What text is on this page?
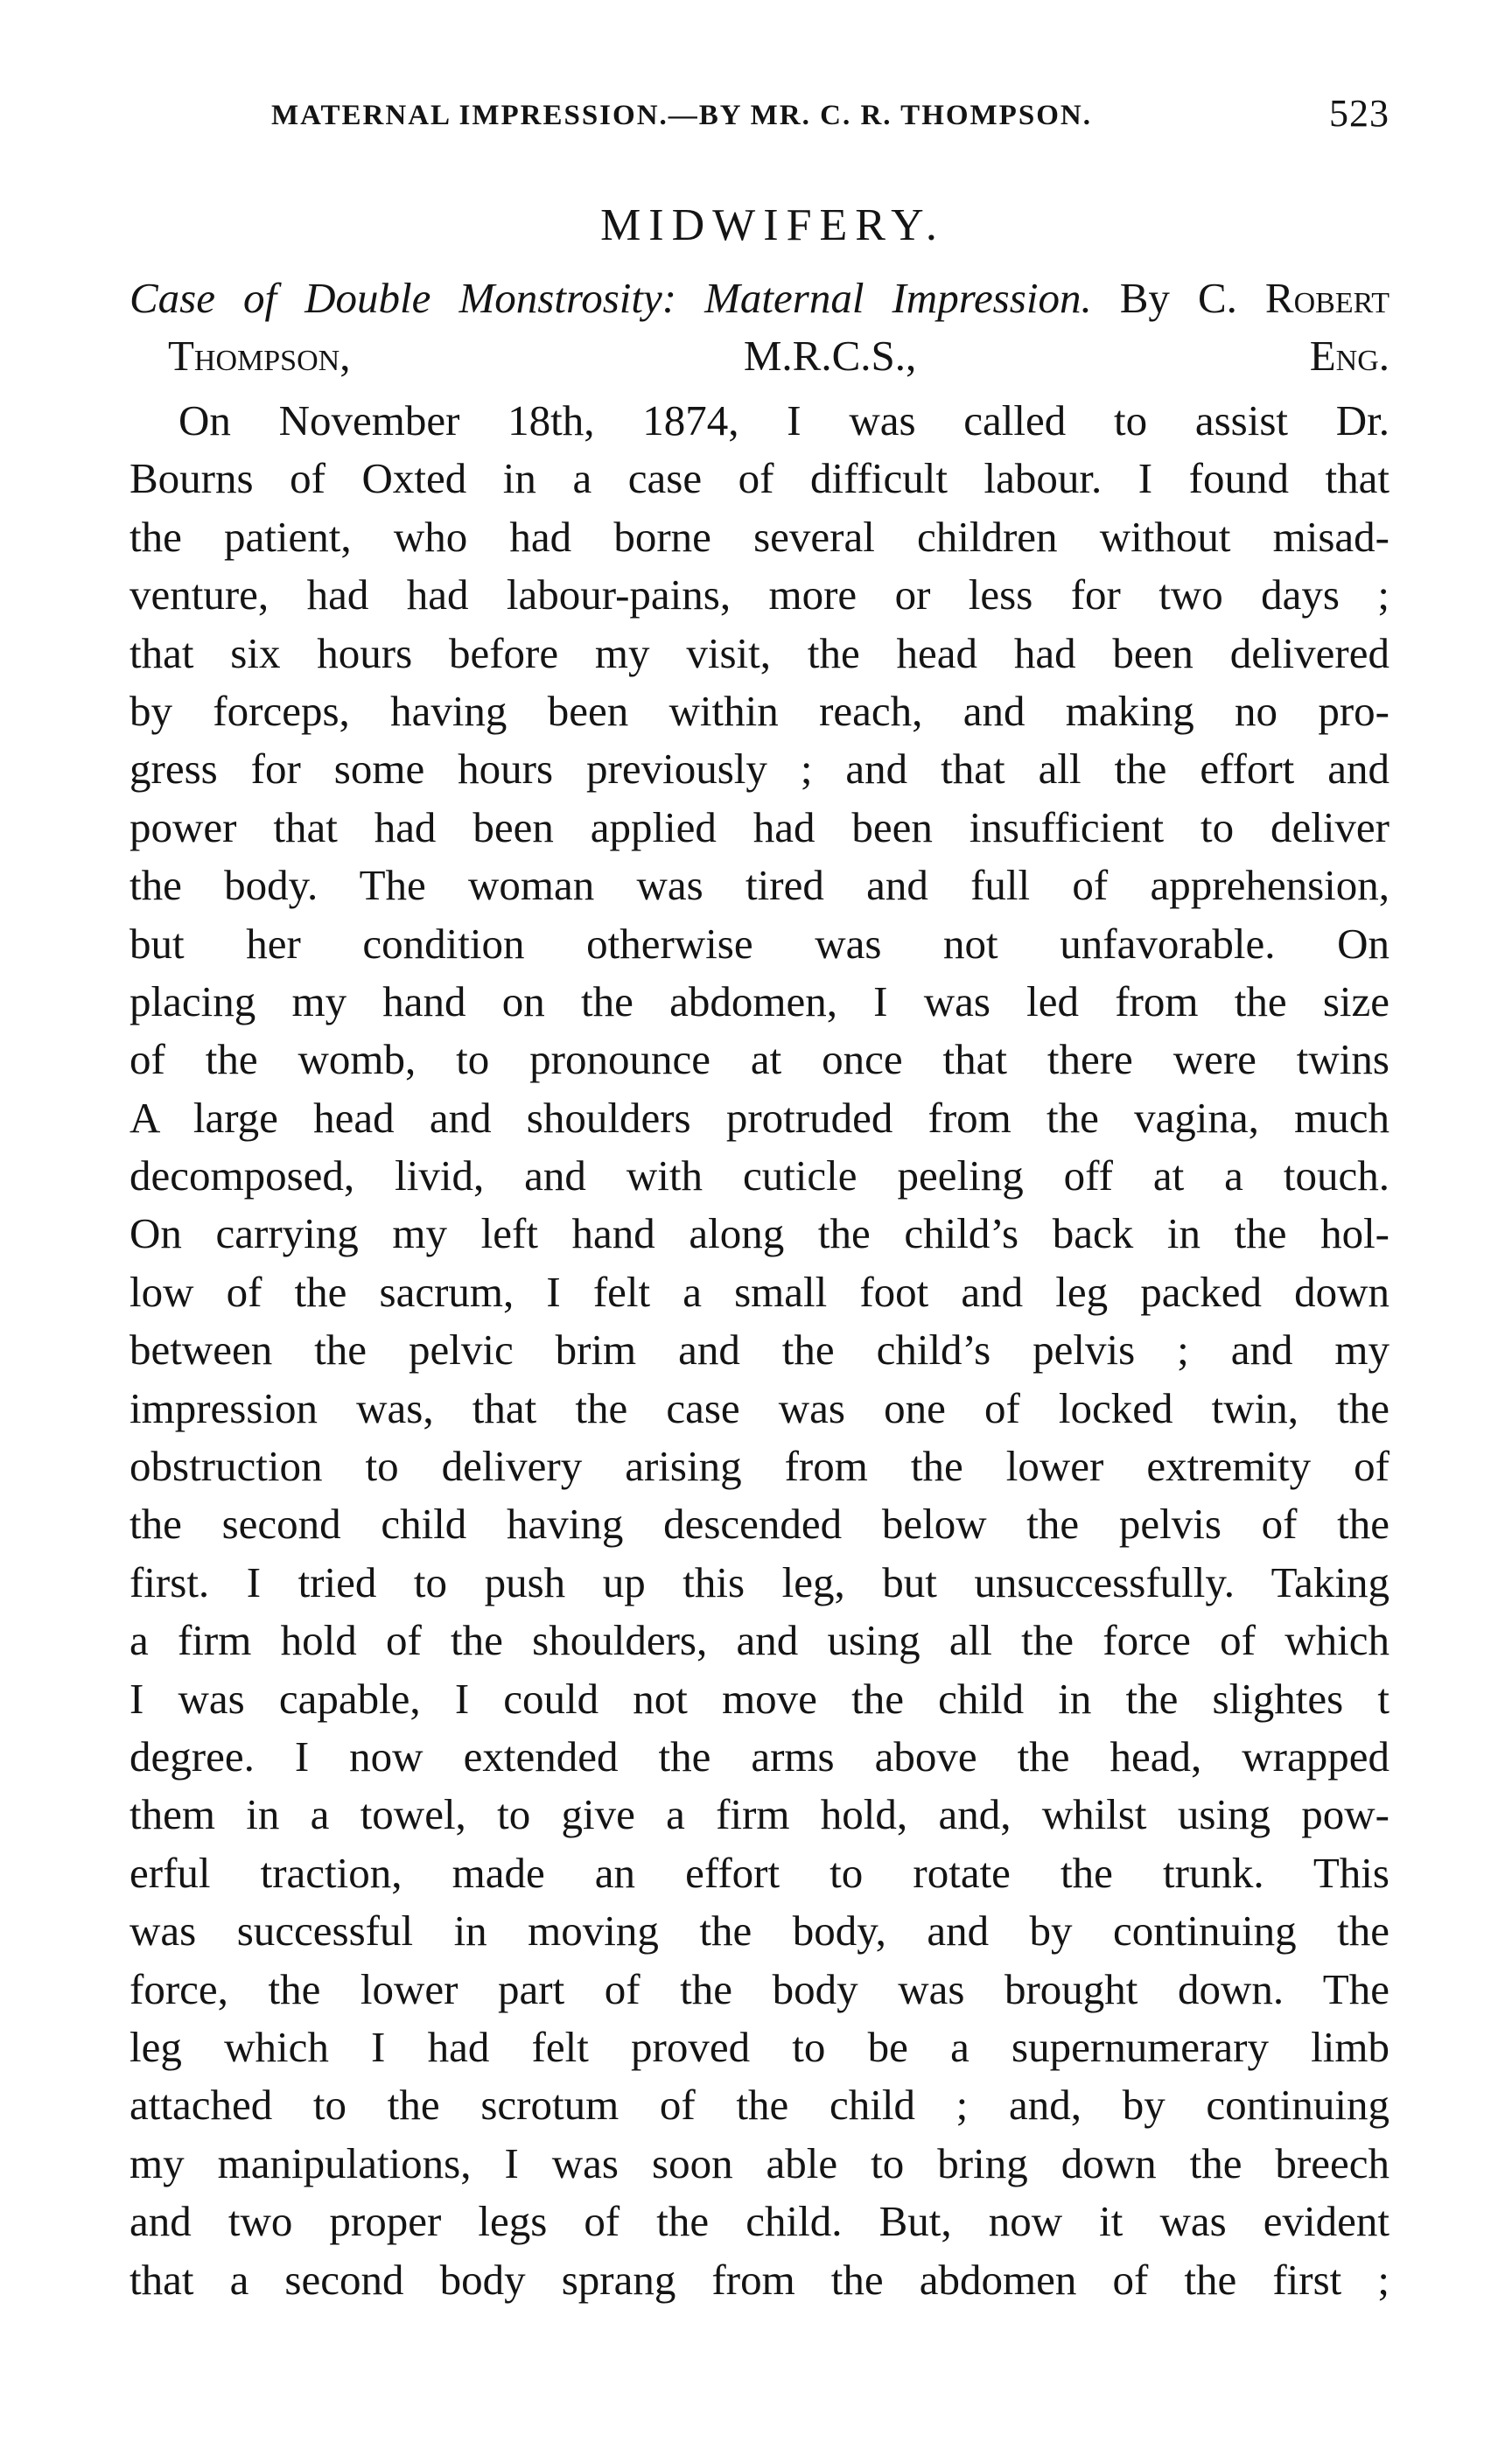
MATERNAL IMPRESSION.—BY MR. C. R. THOMPSON.	523
MIDWIFERY.

Case of Double Monstrosity: Maternal Impression. By C. Robert Thompson, M.R.C.S., Eng.

On November 18th, 1874, I was called to assist Dr.
Bourns of Oxted in a case of difficult labour. I found that
the patient, who had borne several children without misad-
venture, had had labour-pains, more or less for two days ;
that six hours before my visit, the head had been delivered
by forceps, having been within reach, and making no pro-
gress for some hours previously ; and that all the effort and
power that had been applied had been insufficient to deliver
the body. The woman was tired and full of apprehension,
but her condition otherwise was not unfavorable. On
placing my hand on the abdomen, I was led from the size
of the womb, to pronounce at once that there were twins
A large head and shoulders protruded from the vagina, much
decomposed, livid, and with cuticle peeling off at a touch.
On carrying my left hand along the child’s back in the hol-
low of the sacrum, I felt a small foot and leg packed down
between the pelvic brim and the child’s pelvis ; and my
impression was, that the case was one of locked twin, the
obstruction to delivery arising from the lower extremity of
the second child having descended below the pelvis of the
first. I tried to push up this leg, but unsuccessfully. Taking
a firm hold of the shoulders, and using all the force of which
I was capable, I could not move the child in the slightes t
degree. I now extended the arms above the head, wrapped
them in a towel, to give a firm hold, and, whilst using pow-
erful traction, made an effort to rotate the trunk. This
was successful in moving the body, and by continuing the
force, the lower part of the body was brought down. The
leg which I had felt proved to be a supernumerary limb
attached to the scrotum of the child ; and, by continuing
my manipulations, I was soon able to bring down the breech
and two proper legs of the child. But, now it was evident
that a second body sprang from the abdomen of the first ;
